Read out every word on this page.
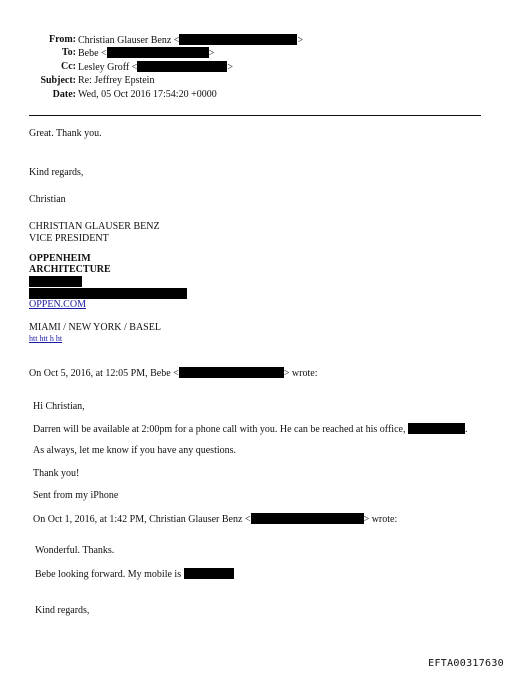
From: Christian Glauser Benz <	>
To: Bebe <	>
Cc: Lesley Groff <	>
Subject: Re: Jeffrey Epstein
Date: Wed, 05 Oct 2016 17:54:20 +0000
Great. Thank you.
Kind regards,
Christian
CHRISTIAN GLAUSER BENZ
VICE PRESIDENT
OPPENHEIM
ARCHITECTURE
OPPEN.COM
MIAMI / NEW YORK / BASEL
htt htt h ht
On Oct 5, 2016, at 12:05 PM, Bebe <	> wrote:
Hi Christian,
Darren will be available at 2:00pm for a phone call with you. He can be reached at his office,	.
As always, let me know if you have any questions.
Thank you!
Sent from my iPhone
On Oct 1, 2016, at 1:42 PM, Christian Glauser Benz <	> wrote:
Wonderful. Thanks.
Bebe looking forward. My mobile is
Kind regards,
EFTA00317630
